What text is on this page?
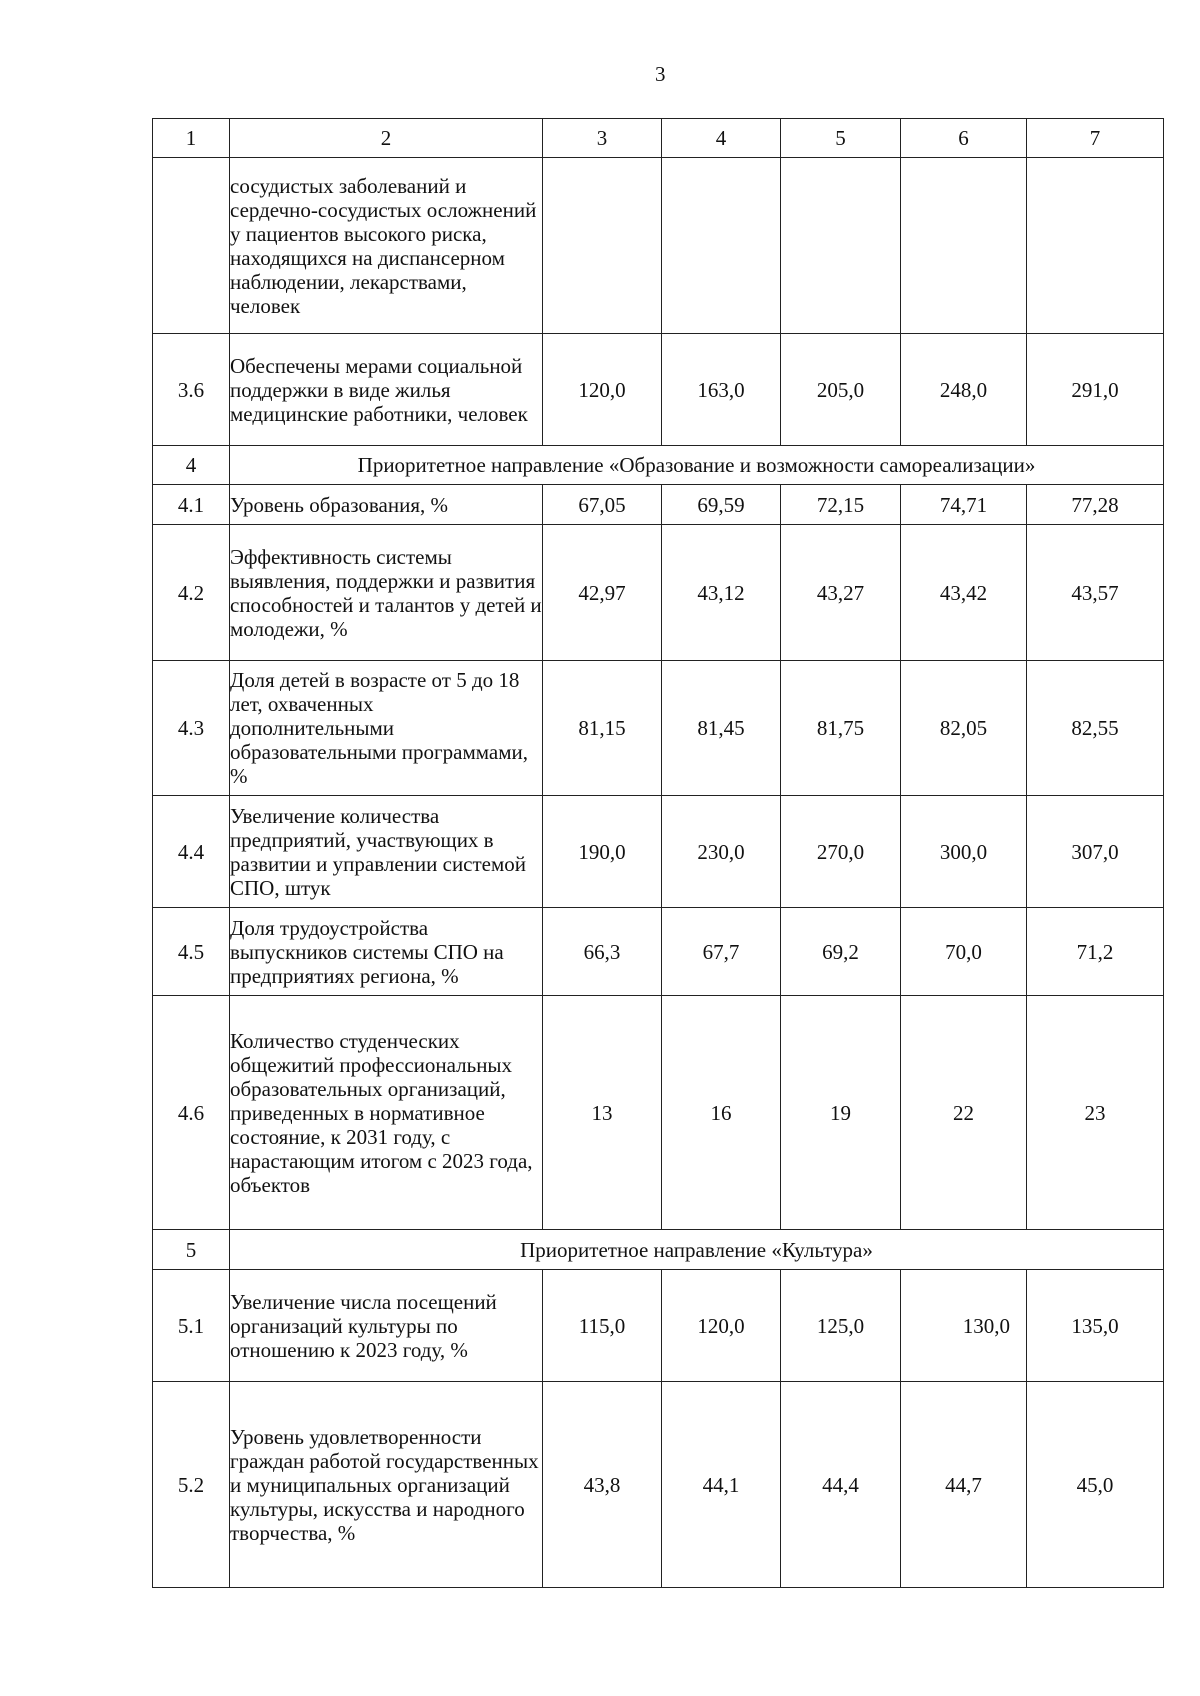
3
1	2	3	4	5	6	7
	сосудистых заболеваний и сердечно-сосудистых осложнений у пациентов высокого риска, находящихся на диспансерном наблюдении, лекарствами, человек					
3.6	Обеспечены мерами социальной поддержки в виде жилья медицинские работники, человек	120,0	163,0	205,0	248,0	291,0
4	Приоритетное направление «Образование и возможности самореализации»					
4.1	Уровень образования, %	67,05	69,59	72,15	74,71	77,28
4.2	Эффективность системы выявления, поддержки и развития способностей и талантов у детей и молодежи, %	42,97	43,12	43,27	43,42	43,57
4.3	Доля детей в возрасте от 5 до 18 лет, охваченных дополнительными образовательными программами, %	81,15	81,45	81,75	82,05	82,55
4.4	Увеличение количества предприятий, участвующих в развитии и управлении системой СПО, штук	190,0	230,0	270,0	300,0	307,0
4.5	Доля трудоустройства выпускников системы СПО на предприятиях региона, %	66,3	67,7	69,2	70,0	71,2
4.6	Количество студенческих общежитий профессиональных образовательных организаций, приведенных в нормативное состояние, к 2031 году, с нарастающим итогом с 2023 года, объектов	13	16	19	22	23
5	Приоритетное направление «Культура»					
5.1	Увеличение числа посещений организаций культуры по отношению к 2023 году, %	115,0	120,0	125,0	130,0	135,0
5.2	Уровень удовлетворенности граждан работой государственных и муниципальных организаций культуры, искусства и народного творчества, %	43,8	44,1	44,4	44,7	45,0
